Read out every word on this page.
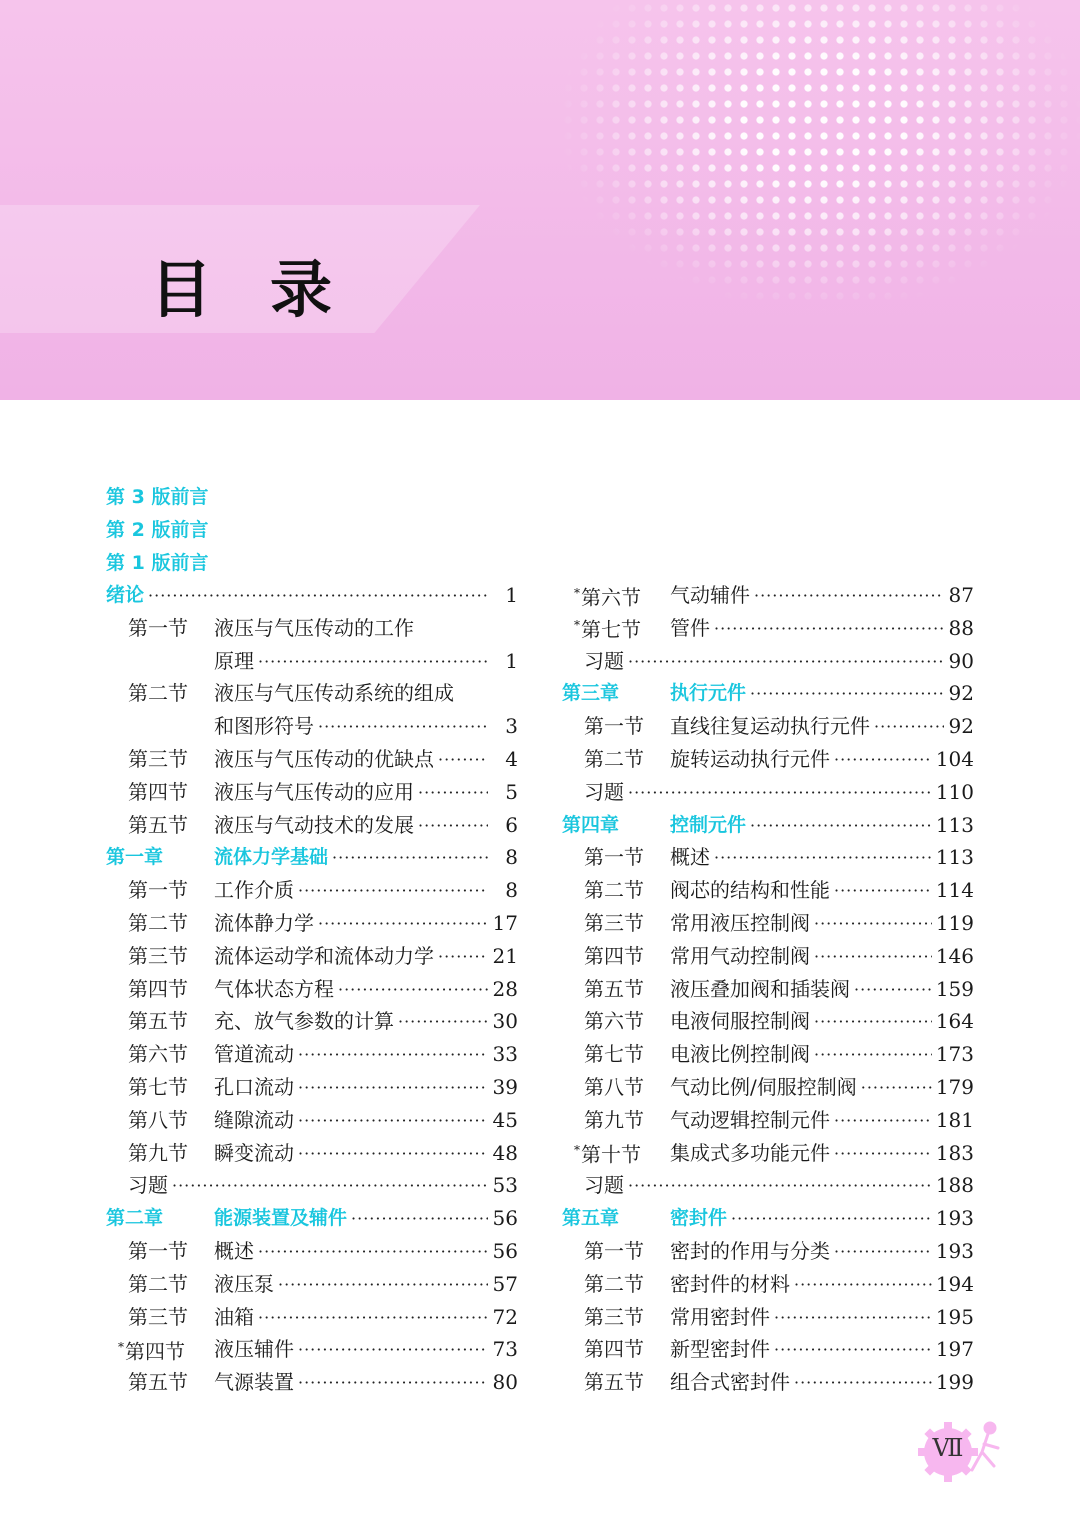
目 录
第 3 版前言
第 2 版前言
第 1 版前言
绪论 ·····	1
第一节	液压与气压传动的工作
原理 ·····	1
第二节	液压与气压传动系统的组成
和图形符号 ·····	3
第三节	液压与气压传动的优缺点 ·····	4
第四节	液压与气压传动的应用 ·····	5
第五节	液压与气动技术的发展 ·····	6
第一章	流体力学基础 ·····	8
第一节	工作介质 ·····	8
第二节	流体静力学 ·····	17
第三节	流体运动学和流体动力学 ·····	21
第四节	气体状态方程 ·····	28
第五节	充、放气参数的计算 ·····	30
第六节	管道流动 ·····	33
第七节	孔口流动 ·····	39
第八节	缝隙流动 ·····	45
第九节	瞬变流动 ·····	48
习题 ·····	53
第二章	能源装置及辅件 ·····	56
第一节	概述 ·····	56
第二节	液压泵 ·····	57
第三节	油箱 ·····	72
*第四节	液压辅件 ·····	73
第五节	气源装置 ·····	80
*第六节	气动辅件 ·····	87
*第七节	管件 ·····	88
习题 ·····	90
第三章	执行元件 ·····	92
第一节	直线往复运动执行元件 ·····	92
第二节	旋转运动执行元件 ·····	104
习题 ·····	110
第四章	控制元件 ·····	113
第一节	概述 ·····	113
第二节	阀芯的结构和性能 ·····	114
第三节	常用液压控制阀 ·····	119
第四节	常用气动控制阀 ·····	146
第五节	液压叠加阀和插装阀 ·····	159
第六节	电液伺服控制阀 ·····	164
第七节	电液比例控制阀 ·····	173
第八节	气动比例/伺服控制阀 ·····	179
第九节	气动逻辑控制元件 ·····	181
*第十节	集成式多功能元件 ·····	183
习题 ·····	188
第五章	密封件 ·····	193
第一节	密封的作用与分类 ·····	193
第二节	密封件的材料 ·····	194
第三节	常用密封件 ·····	195
第四节	新型密封件 ·····	197
第五节	组合式密封件 ·····	199
Ⅶ
